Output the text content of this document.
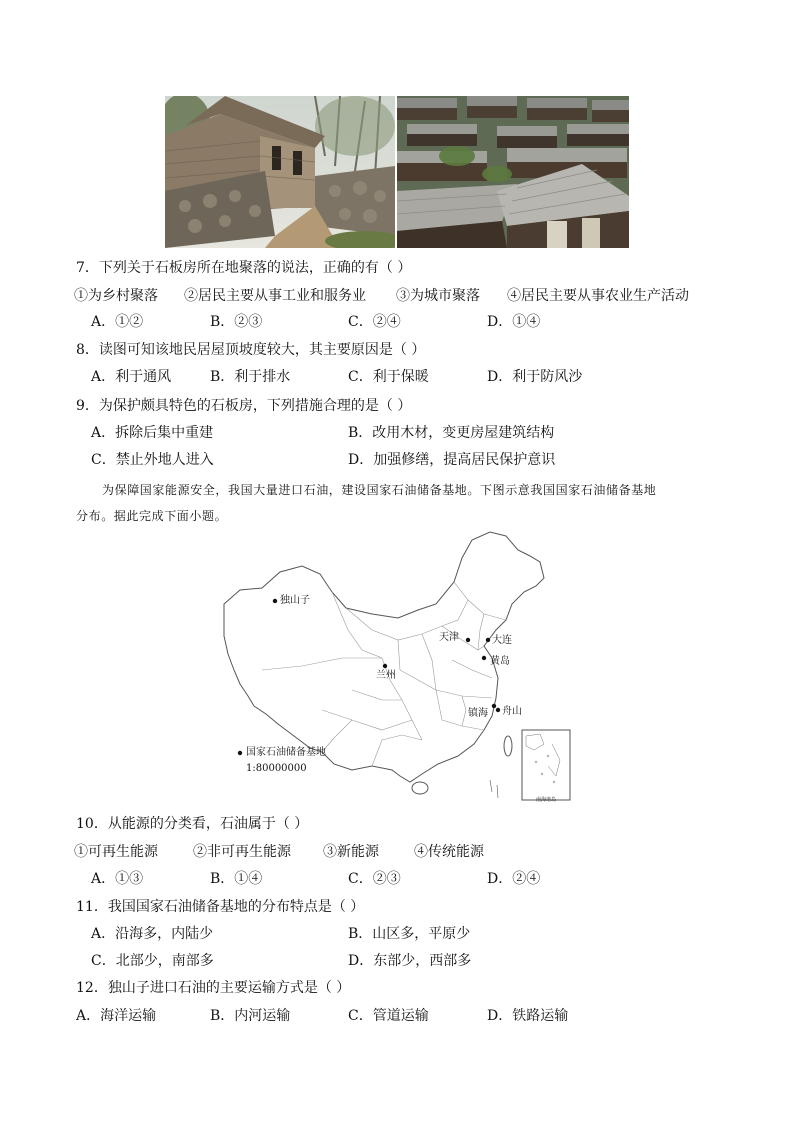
7．下列关于石板房所在地聚落的说法，正确的有（ ）
①为乡村聚落 ②居民主要从事工业和服务业 ③为城市聚落 ④居民主要从事农业生产活动
A．①②	B．②③	C．②④	D．①④
8．读图可知该地民居屋顶坡度较大，其主要原因是（ ）
A．利于通风	B．利于排水	C．利于保暖	D．利于防风沙
9．为保护颇具特色的石板房，下列措施合理的是（ ）
A．拆除后集中重建	B．改用木材，变更房屋建筑结构
C．禁止外地人进入	D．加强修缮，提高居民保护意识
为保障国家能源安全，我国大量进口石油，建设国家石油储备基地。下图示意我国国家石油储备基地
分布。据此完成下面小题。
独山子
兰州
天津	大连
黄岛
镇海 舟山
国家石油储备基地
1:80000000
南海诸岛
10．从能源的分类看，石油属于（ ）
①可再生能源	②非可再生能源 ③新能源	④传统能源
A．①③	B．①④	C．②③	D．②④
11．我国国家石油储备基地的分布特点是（ ）
A．沿海多，内陆少	B．山区多，平原少
C．北部少，南部多	D．东部少，西部多
12．独山子进口石油的主要运输方式是（ ）
A．海洋运输	B．内河运输	C．管道运输	D．铁路运输
